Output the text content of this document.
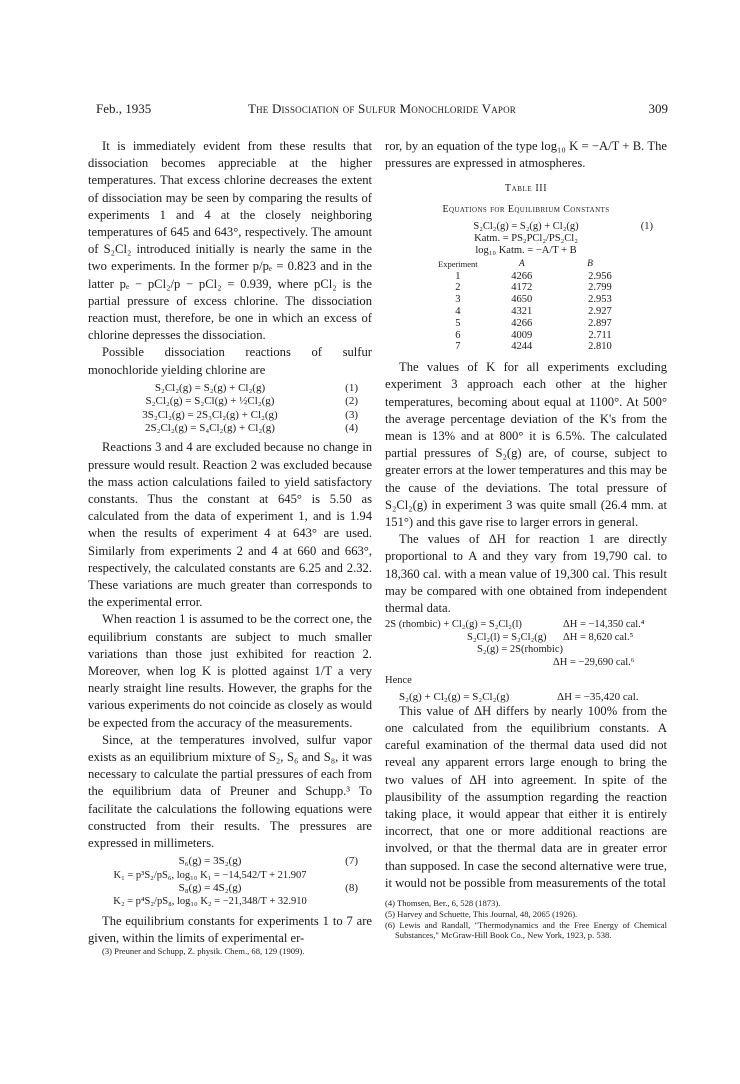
Feb., 1935	The Dissociation of Sulfur Monochloride Vapor	309

It is immediately evident from these results that dissociation becomes appreciable at the higher temperatures. That excess chlorine decreases the extent of dissociation may be seen by comparing the results of experiments 1 and 4 at the closely neighboring temperatures of 645 and 643°, respectively. The amount of S₂Cl₂ introduced initially is nearly the same in the two experiments. In the former p/pₑ = 0.823 and in the latter pₑ − pCl₂/p − pCl₂ = 0.939, where pCl₂ is the partial pressure of excess chlorine. The dissociation reaction must, therefore, be one in which an excess of chlorine depresses the dissociation.

Possible dissociation reactions of sulfur monochloride yielding chlorine are

S₂Cl₂(g) = S₂(g) + Cl₂(g)	(1)
S₂Cl₂(g) = S₂Cl(g) + ½Cl₂(g)	(2)
3S₂Cl₂(g) = 2S₃Cl₂(g) + Cl₂(g)	(3)
2S₂Cl₂(g) = S₄Cl₂(g) + Cl₂(g)	(4)

Reactions 3 and 4 are excluded because no change in pressure would result. Reaction 2 was excluded because the mass action calculations failed to yield satisfactory constants. Thus the constant at 645° is 5.50 as calculated from the data of experiment 1, and is 1.94 when the results of experiment 4 at 643° are used. Similarly from experiments 2 and 4 at 660 and 663°, respectively, the calculated constants are 6.25 and 2.32. These variations are much greater than corresponds to the experimental error.

When reaction 1 is assumed to be the correct one, the equilibrium constants are subject to much smaller variations than those just exhibited for reaction 2. Moreover, when log K is plotted against 1/T a very nearly straight line results. However, the graphs for the various experiments do not coincide as closely as would be expected from the accuracy of the measurements.

Since, at the temperatures involved, sulfur vapor exists as an equilibrium mixture of S₂, S₆ and S₈, it was necessary to calculate the partial pressures of each from the equilibrium data of Preuner and Schupp.³ To facilitate the calculations the following equations were constructed from their results. The pressures are expressed in millimeters.

S₆(g) = 3S₂(g)	(7)
K₁ = p³S₂/pS₆, log₁₀ K₁ = −14,542/T + 21.907
S₈(g) = 4S₂(g)	(8)
K₂ = p⁴S₂/pS₈, log₁₀ K₂ = −21,348/T + 32.910

The equilibrium constants for experiments 1 to 7 are given, within the limits of experimental er-

(3) Preuner and Schupp, Z. physik. Chem., 68, 129 (1909).

ror, by an equation of the type log₁₀ K = −A/T + B. The pressures are expressed in atmospheres.

Table III
Equations for Equilibrium Constants
S₂Cl₂(g) = S₂(g) + Cl₂(g)	(1)
Katm. = PS₂PCl₂/PS₂Cl₂
log₁₀ Katm. = −A/T + B
Experiment	A	B
1	4266	2.956
2	4172	2.799
3	4650	2.953
4	4321	2.927
5	4266	2.897
6	4009	2.711
7	4244	2.810

The values of K for all experiments excluding experiment 3 approach each other at the higher temperatures, becoming about equal at 1100°. At 500° the average percentage deviation of the K's from the mean is 13% and at 800° it is 6.5%. The calculated partial pressures of S₂(g) are, of course, subject to greater errors at the lower temperatures and this may be the cause of the deviations. The total pressure of S₂Cl₂(g) in experiment 3 was quite small (26.4 mm. at 151°) and this gave rise to larger errors in general.

The values of ΔH for reaction 1 are directly proportional to A and they vary from 19,790 cal. to 18,360 cal. with a mean value of 19,300 cal. This result may be compared with one obtained from independent thermal data.

2S (rhombic) + Cl₂(g) = S₂Cl₂(l)	ΔH = −14,350 cal.⁴
S₂Cl₂(l) = S₂Cl₂(g) ΔH = 8,620 cal.⁵
S₂(g) = 2S(rhombic)
ΔH = −29,690 cal.⁶
Hence
S₂(g) + Cl₂(g) = S₂Cl₂(g)	ΔH = −35,420 cal.

This value of ΔH differs by nearly 100% from the one calculated from the equilibrium constants. A careful examination of the thermal data used did not reveal any apparent errors large enough to bring the two values of ΔH into agreement. In spite of the plausibility of the assumption regarding the reaction taking place, it would appear that either it is entirely incorrect, that one or more additional reactions are involved, or that the thermal data are in greater error than supposed. In case the second alternative were true, it would not be possible from measurements of the total

(4) Thomsen, Ber., 6, 528 (1873).

(5) Harvey and Schuette, This Journal, 48, 2065 (1926).

(6) Lewis and Randall, "Thermodynamics and the Free Energy of Chemical Substances," McGraw-Hill Book Co., New York, 1923, p. 538.
